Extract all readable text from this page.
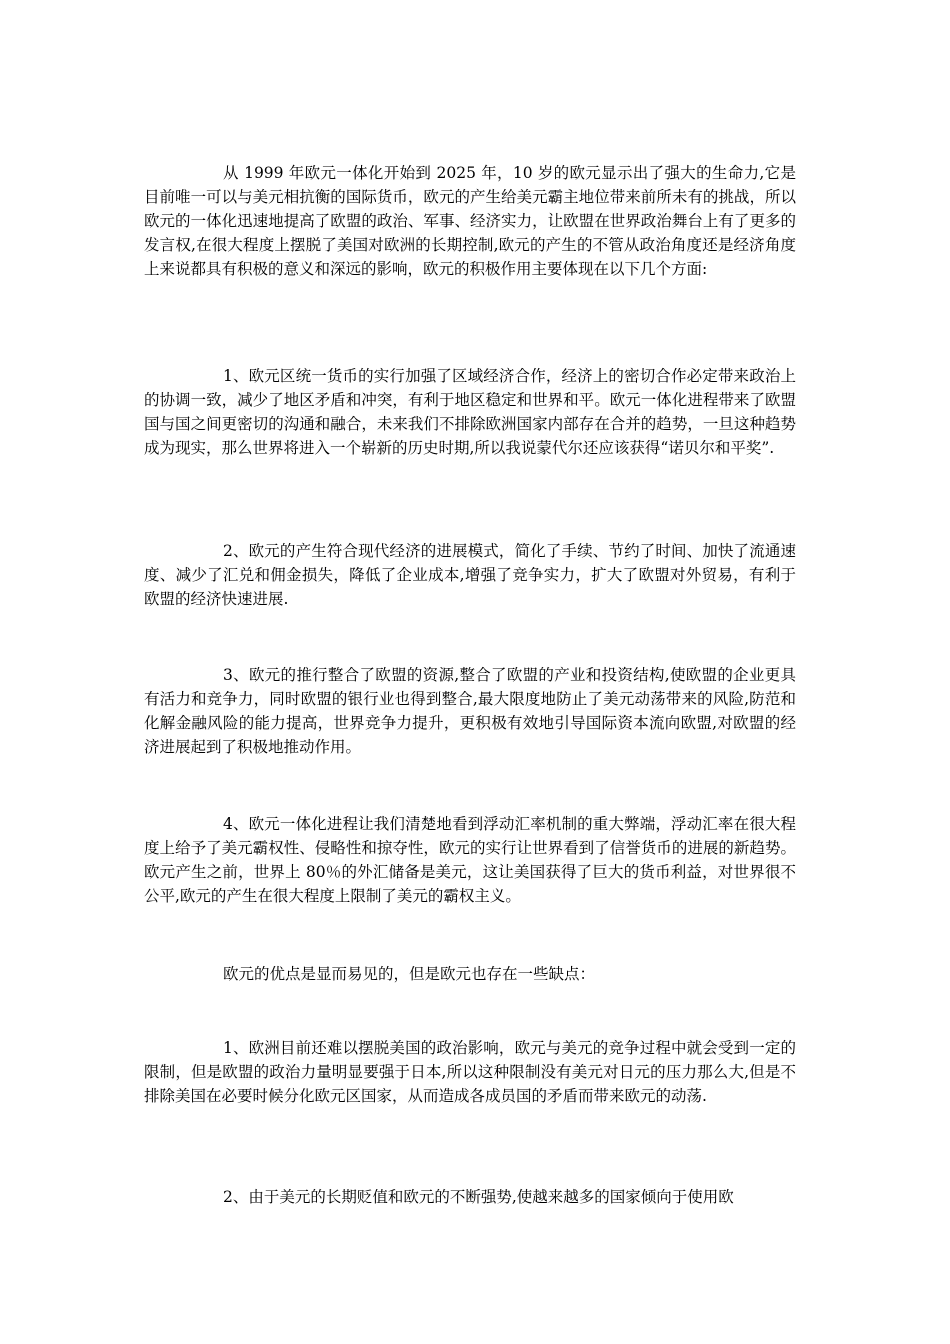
从 1999 年欧元一体化开始到 2025 年，10 岁的欧元显示出了强大的生命力,它是目前唯一可以与美元相抗衡的国际货币，欧元的产生给美元霸主地位带来前所未有的挑战，所以欧元的一体化迅速地提高了欧盟的政治、军事、经济实力，让欧盟在世界政治舞台上有了更多的发言权,在很大程度上摆脱了美国对欧洲的长期控制,欧元的产生的不管从政治角度还是经济角度上来说都具有积极的意义和深远的影响，欧元的积极作用主要体现在以下几个方面:

1、欧元区统一货币的实行加强了区域经济合作，经济上的密切合作必定带来政治上的协调一致，减少了地区矛盾和冲突，有利于地区稳定和世界和平。欧元一体化进程带来了欧盟国与国之间更密切的沟通和融合，未来我们不排除欧洲国家内部存在合并的趋势，一旦这种趋势成为现实，那么世界将进入一个崭新的历史时期,所以我说蒙代尔还应该获得“诺贝尔和平奖”.

2、欧元的产生符合现代经济的进展模式，简化了手续、节约了时间、加快了流通速度、减少了汇兑和佣金损失，降低了企业成本,增强了竞争实力，扩大了欧盟对外贸易，有利于欧盟的经济快速进展.

3、欧元的推行整合了欧盟的资源,整合了欧盟的产业和投资结构,使欧盟的企业更具有活力和竞争力，同时欧盟的银行业也得到整合,最大限度地防止了美元动荡带来的风险,防范和化解金融风险的能力提高，世界竞争力提升，更积极有效地引导国际资本流向欧盟,对欧盟的经济进展起到了积极地推动作用。

4、欧元一体化进程让我们清楚地看到浮动汇率机制的重大弊端，浮动汇率在很大程度上给予了美元霸权性、侵略性和掠夺性，欧元的实行让世界看到了信誉货币的进展的新趋势。欧元产生之前，世界上 80％的外汇储备是美元，这让美国获得了巨大的货币利益，对世界很不公平,欧元的产生在很大程度上限制了美元的霸权主义。

欧元的优点是显而易见的，但是欧元也存在一些缺点：

1、欧洲目前还难以摆脱美国的政治影响，欧元与美元的竞争过程中就会受到一定的限制，但是欧盟的政治力量明显要强于日本,所以这种限制没有美元对日元的压力那么大,但是不排除美国在必要时候分化欧元区国家，从而造成各成员国的矛盾而带来欧元的动荡.

2、由于美元的长期贬值和欧元的不断强势,使越来越多的国家倾向于使用欧
